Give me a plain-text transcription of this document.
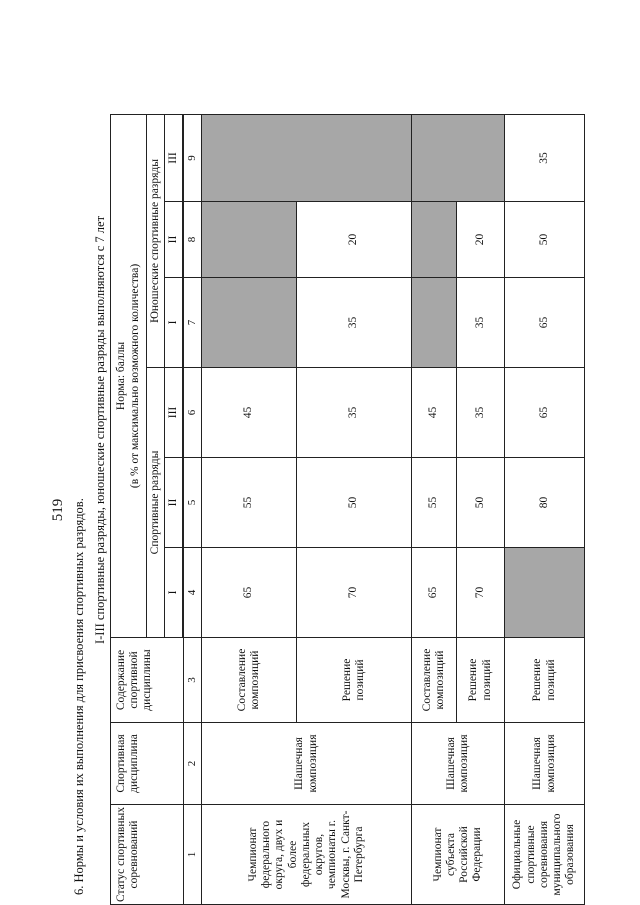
519 6. Нормы и условия их выполнения для присвоения спортивных разрядов.
I-III спортивные разряды, юношеские спортивные разряды выполняются с 7 лет
Статус спортивных соревнований	Спортивная дисциплина	Содержание спортивной дисциплины	Норма: баллы (в % от максимально возможного количества)					

			Спортивные разряды			Юношеские спортивные разряды		
			I	II	III	I	II	III

1	2	3	4	5	6	7	8	9
Чемпионат федерального округа, двух и более федеральных округов, чемпионаты г. Москвы, г. Санкт-Петербурга	Шашечная композиция	Составление композиций	65	55	45			
		Решение позиций	70	50	35	35	20	
Чемпионат субъекта Российской Федерации	Шашечная композиция	Составление композиций	65	55	45			
		Решение позиций	70	50	35	35	20	
Официальные спортивные соревнования муниципального образования	Шашечная композиция	Решение позиций		80	65	65	50	35
